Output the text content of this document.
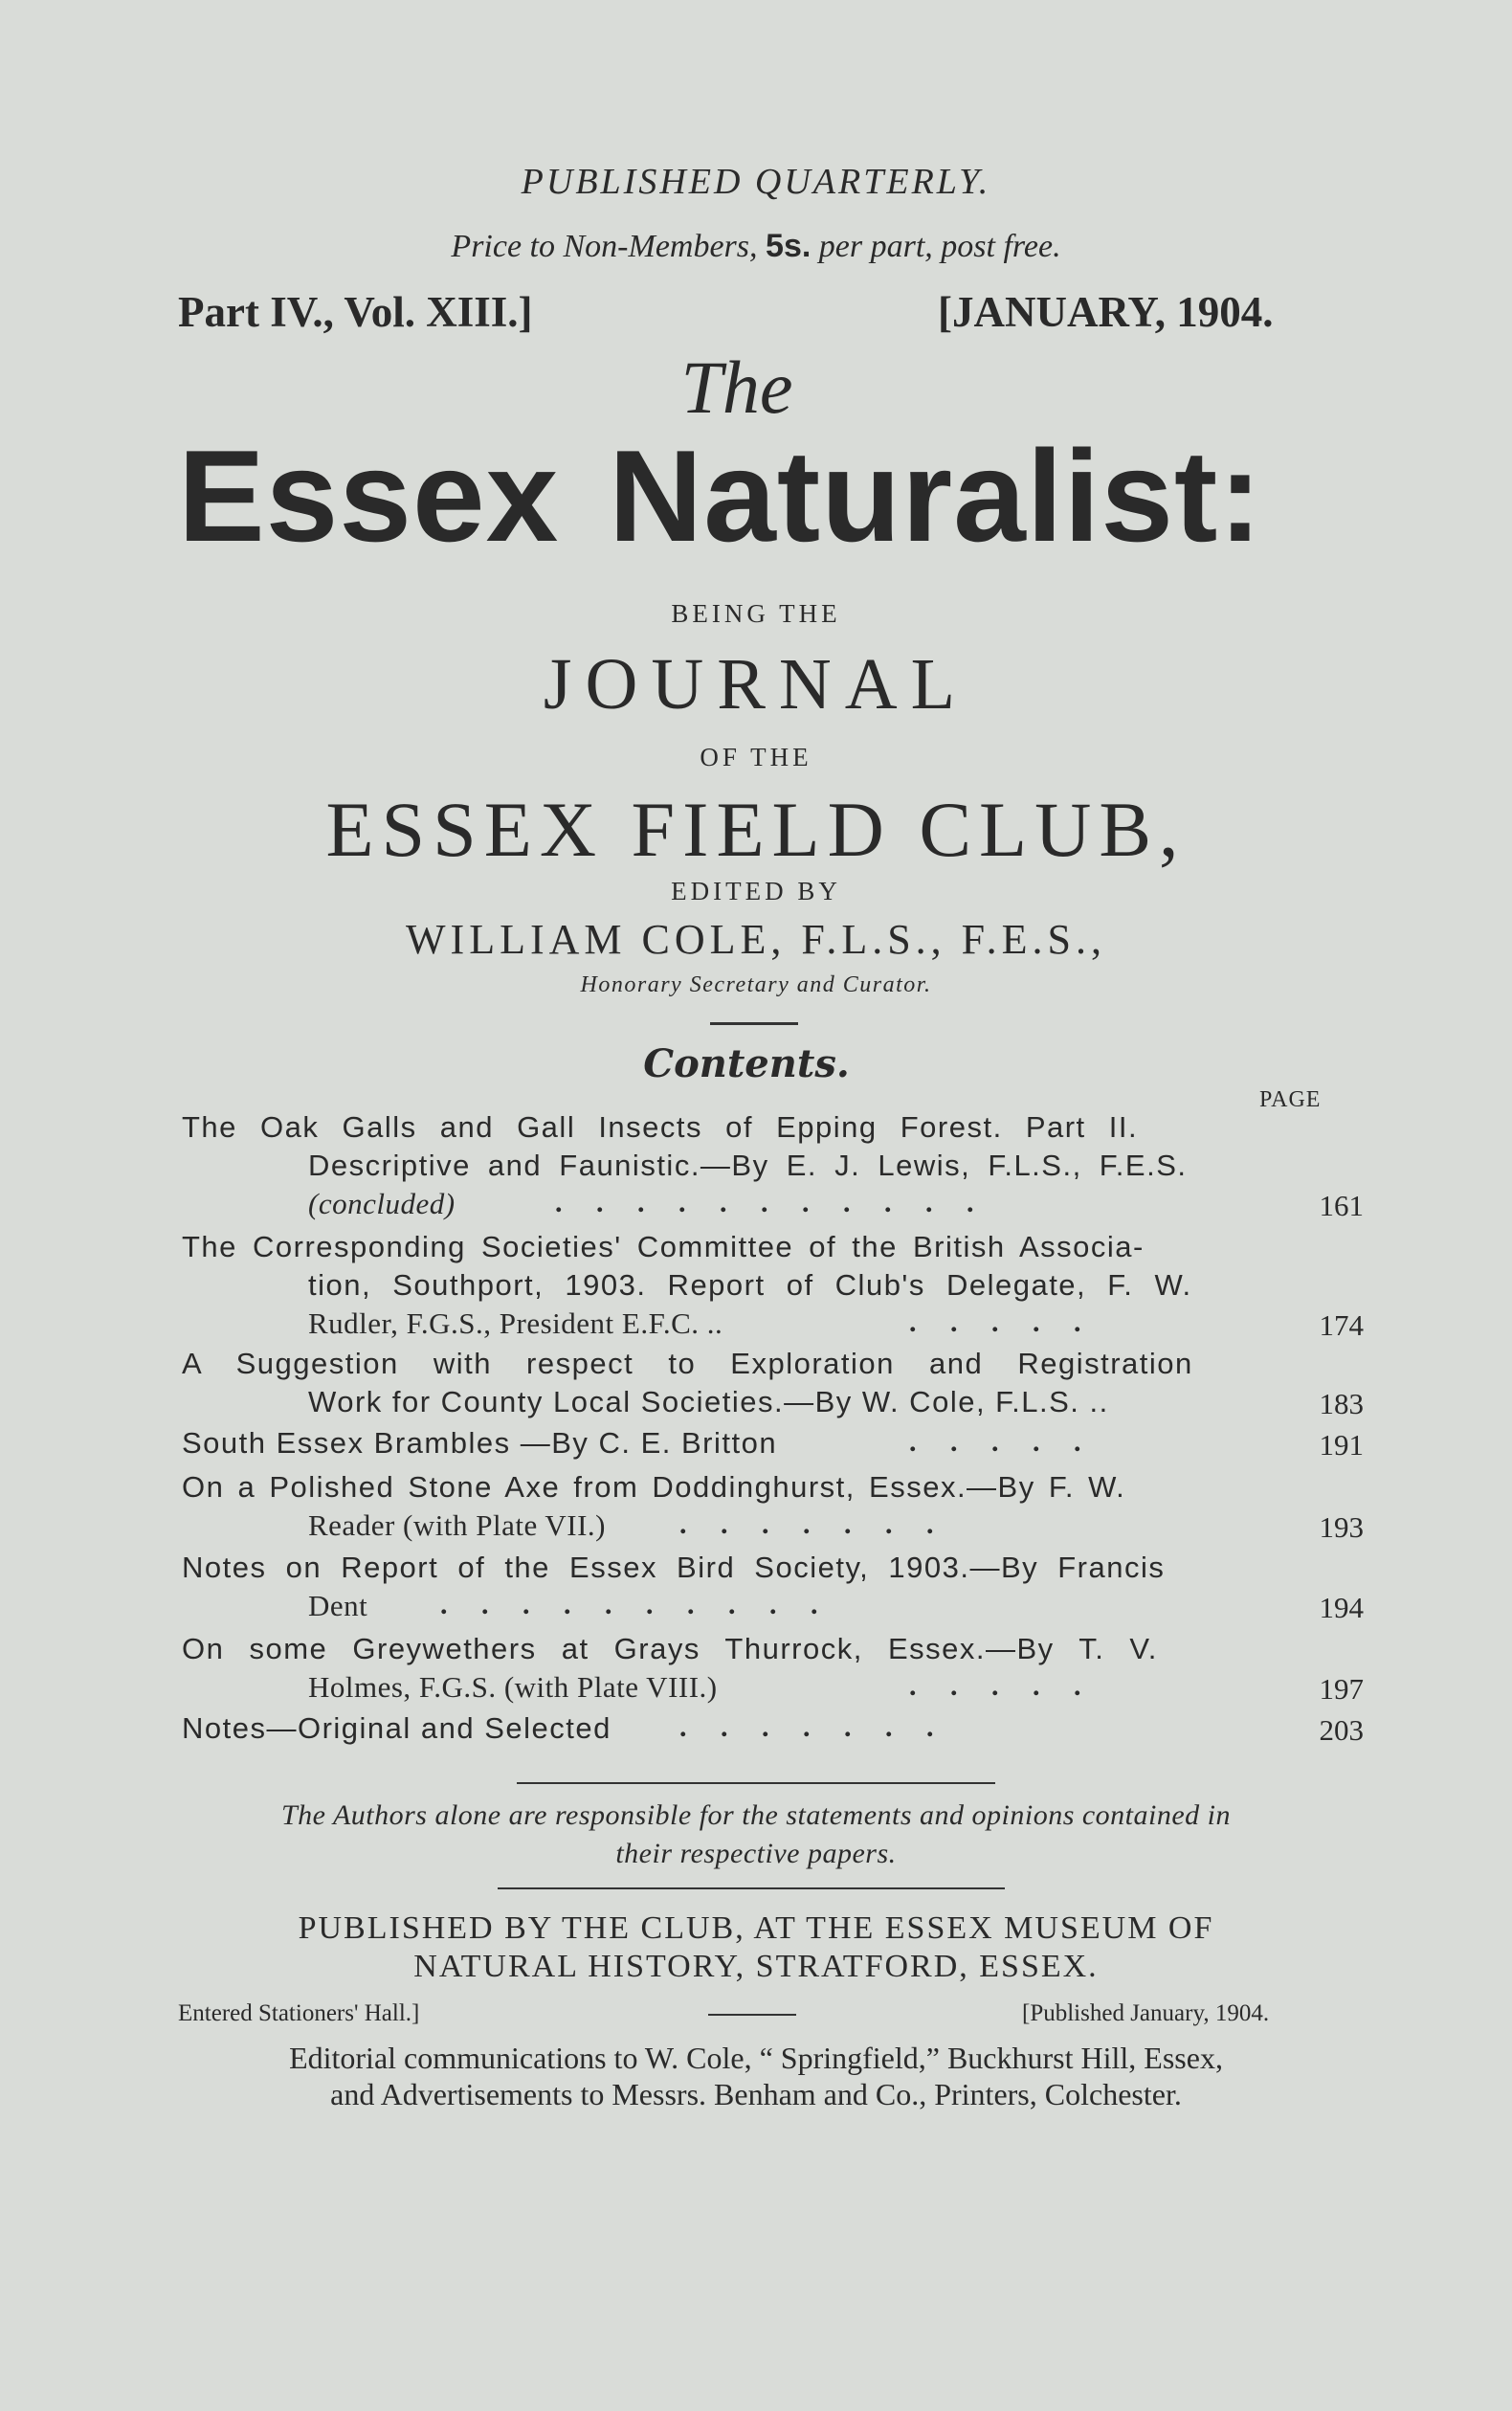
PUBLISHED QUARTERLY.
Price to Non-Members, 5s. per part, post free.
Part IV., Vol. XIII.]	[JANUARY, 1904.
The
Essex Naturalist:
BEING THE
JOURNAL
OF THE
ESSEX FIELD CLUB,
EDITED BY
WILLIAM COLE, F.L.S., F.E.S.,
Honorary Secretary and Curator.
Contents.
PAGE
The Oak Galls and Gall Insects of Epping Forest. Part II.
Descriptive and Faunistic.—By E. J. Lewis, F.L.S., F.E.S.
(concluded)	. . . . . . . . . . .	161
The Corresponding Societies' Committee of the British Associa-
tion, Southport, 1903. Report of Club's Delegate, F. W.
Rudler, F.G.S., President E.F.C. ..	. . . . .	174
A Suggestion with respect to Exploration and Registration
Work for County Local Societies.—By W. Cole, F.L.S. ..	183
South Essex Brambles —By C. E. Britton	. . . . .	191
On a Polished Stone Axe from Doddinghurst, Essex.—By F. W.
Reader (with Plate VII.)	. . . . . . .	193
Notes on Report of the Essex Bird Society, 1903.—By Francis
Dent	. . . . . . . . . .	194
On some Greywethers at Grays Thurrock, Essex.—By T. V.
Holmes, F.G.S. (with Plate VIII.)	. . . . .	197
Notes—Original and Selected . . . . . . .	203
The Authors alone are responsible for the statements and opinions contained in
their respective papers.
PUBLISHED BY THE CLUB, AT THE ESSEX MUSEUM OF
NATURAL HISTORY, STRATFORD, ESSEX.
Entered Stationers' Hall.]	[Published January, 1904.
Editorial communications to W. Cole, “ Springfield,” Buckhurst Hill, Essex,
and Advertisements to Messrs. Benham and Co., Printers, Colchester.
